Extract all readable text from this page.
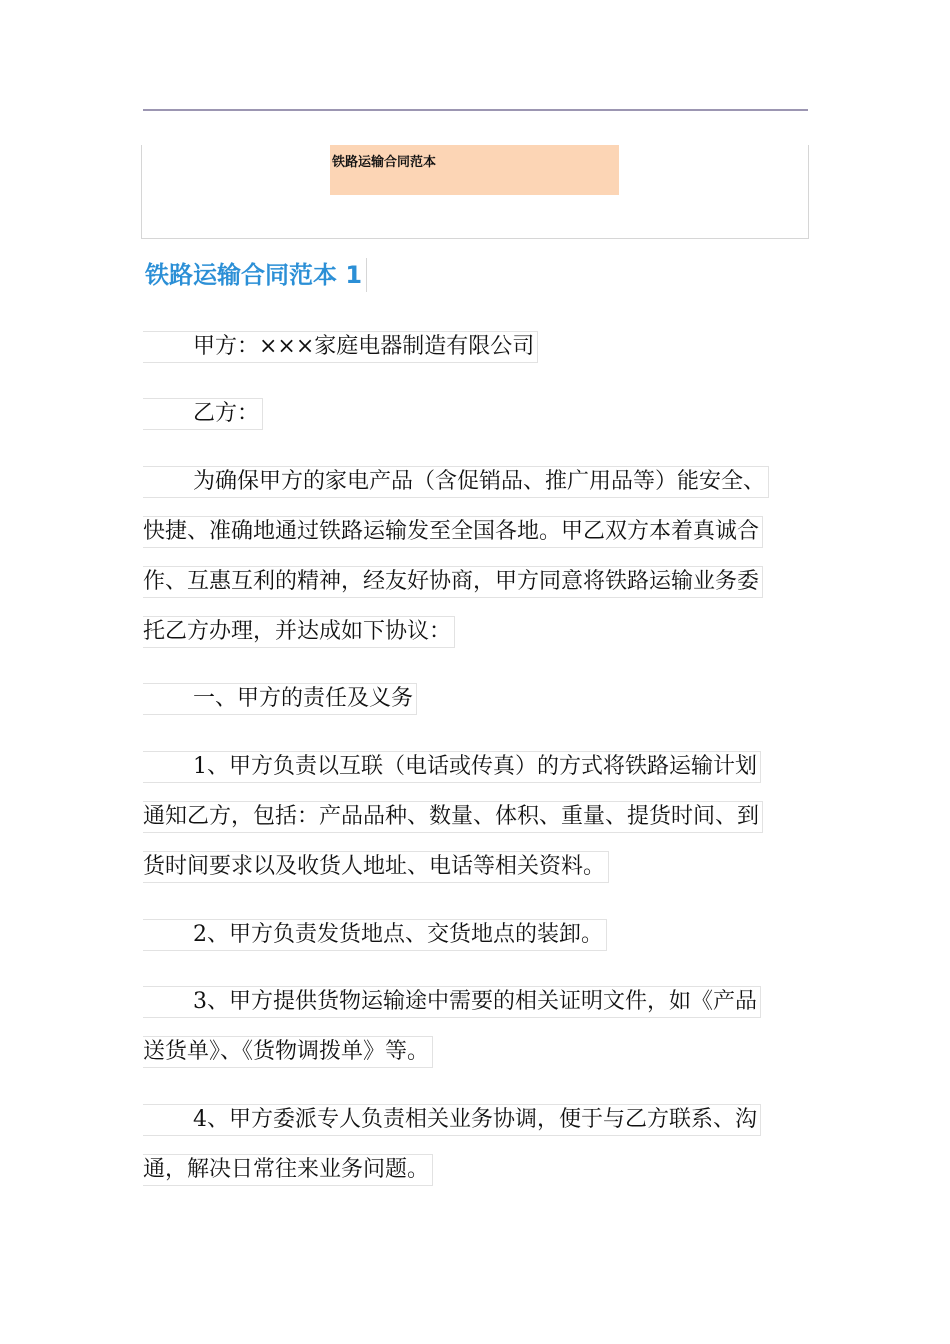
铁路运输合同范本
铁路运输合同范本 1
甲方：×××家庭电器制造有限公司
乙方：
为确保甲方的家电产品（含促销品、推广用品等）能安全、
快捷、准确地通过铁路运输发至全国各地。甲乙双方本着真诚合
作、互惠互利的精神，经友好协商，甲方同意将铁路运输业务委
托乙方办理，并达成如下协议：
一、甲方的责任及义务
1、甲方负责以互联（电话或传真）的方式将铁路运输计划
通知乙方，包括：产品品种、数量、体积、重量、提货时间、到
货时间要求以及收货人地址、电话等相关资料。
2、甲方负责发货地点、交货地点的装卸。
3、甲方提供货物运输途中需要的相关证明文件，如《产品
送货单》、《货物调拨单》等。
4、甲方委派专人负责相关业务协调，便于与乙方联系、沟
通，解决日常往来业务问题。
